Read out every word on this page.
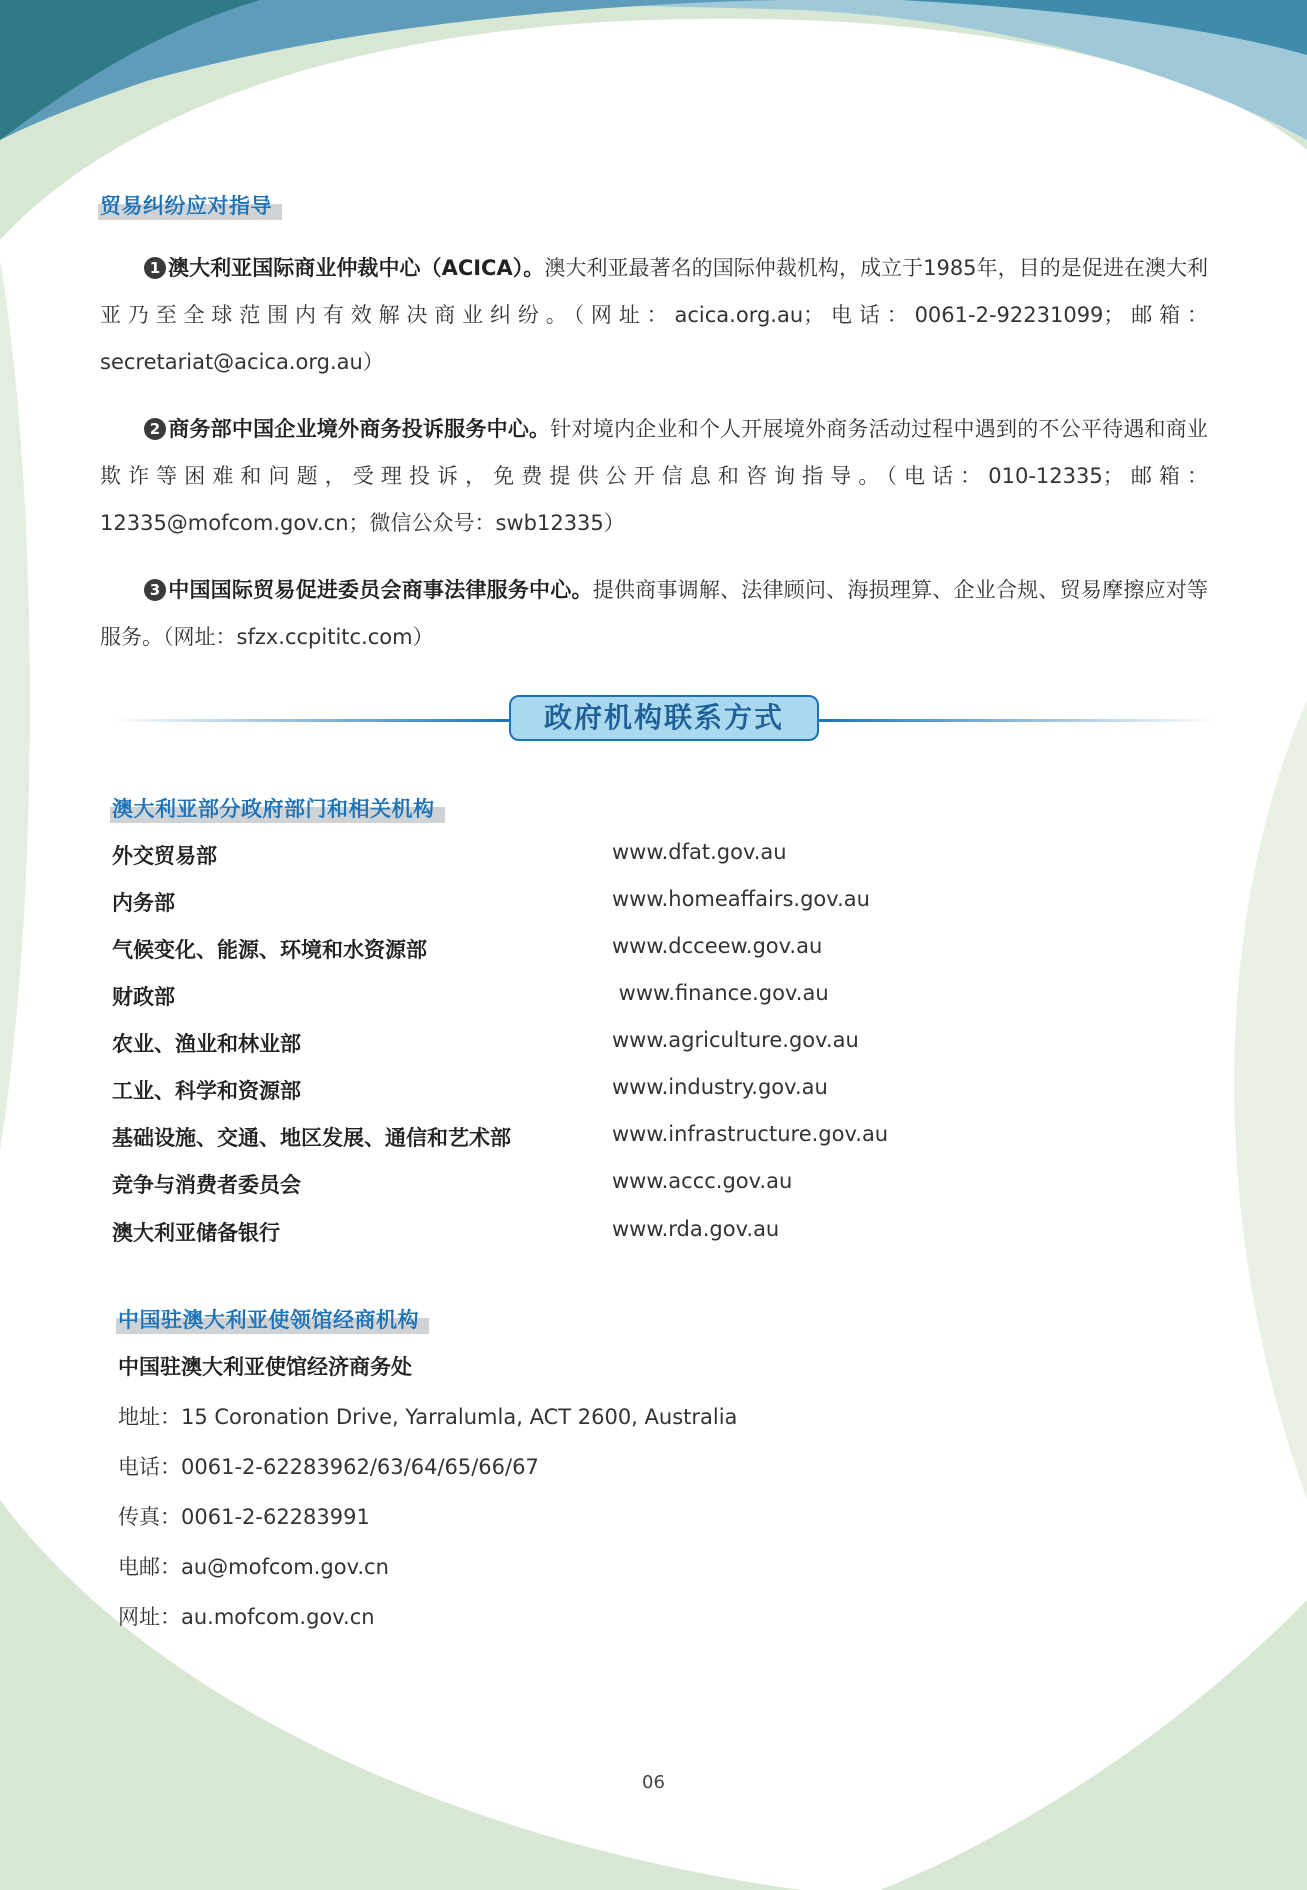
贸易纠纷应对指导
1 澳大利亚国际商业仲裁中心（ACICA）。澳大利亚最著名的国际仲裁机构，成立于1985年，目的是促进在澳大利亚乃至全球范围内有效解决商业纠纷。（网址：acica.org.au；电话：0061-2-92231099；邮箱：secretariat@acica.org.au）
2 商务部中国企业境外商务投诉服务中心。针对境内企业和个人开展境外商务活动过程中遇到的不公平待遇和商业欺诈等困难和问题，受理投诉，免费提供公开信息和咨询指导。（电话：010-12335；邮箱：12335@mofcom.gov.cn；微信公众号：swb12335）
3 中国国际贸易促进委员会商事法律服务中心。提供商事调解、法律顾问、海损理算、企业合规、贸易摩擦应对等服务。（网址：sfzx.ccpititc.com）
政府机构联系方式
澳大利亚部分政府部门和相关机构
外交贸易部	www.dfat.gov.au
内务部	www.homeaffairs.gov.au
气候变化、能源、环境和水资源部	www.dcceew.gov.au
财政部	www.finance.gov.au
农业、渔业和林业部	www.agriculture.gov.au
工业、科学和资源部	www.industry.gov.au
基础设施、交通、地区发展、通信和艺术部	www.infrastructure.gov.au
竞争与消费者委员会	www.accc.gov.au
澳大利亚储备银行	www.rda.gov.au
中国驻澳大利亚使领馆经商机构
中国驻澳大利亚使馆经济商务处
地址：15 Coronation Drive, Yarralumla, ACT 2600, Australia
电话：0061-2-62283962/63/64/65/66/67
传真：0061-2-62283991
电邮：au@mofcom.gov.cn
网址：au.mofcom.gov.cn
06
